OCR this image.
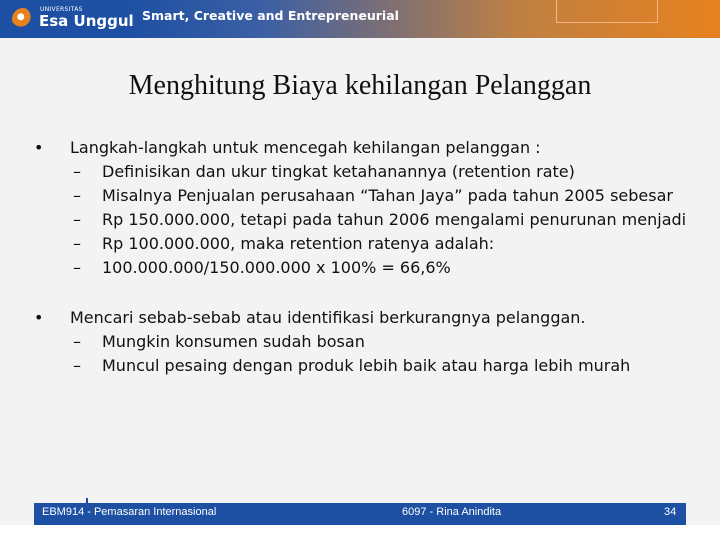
UNIVERSITAS
Esa Unggul Smart, Creative and Entrepreneurial
Menghitung Biaya kehilangan Pelanggan
• Langkah-langkah untuk mencegah kehilangan pelanggan :
– Definisikan dan ukur tingkat ketahanannya (retention rate)
– Misalnya Penjualan perusahaan “Tahan Jaya” pada tahun 2005 sebesar
– Rp 150.000.000, tetapi pada tahun 2006 mengalami penurunan menjadi
– Rp 100.000.000, maka retention ratenya adalah:
– 100.000.000/150.000.000 x 100% = 66,6%
• Mencari sebab-sebab atau identifikasi berkurangnya pelanggan.
– Mungkin konsumen sudah bosan
– Muncul pesaing dengan produk lebih baik atau harga lebih murah
EBM914 - Pemasaran Internasional	6097 - Rina Anindita	34
